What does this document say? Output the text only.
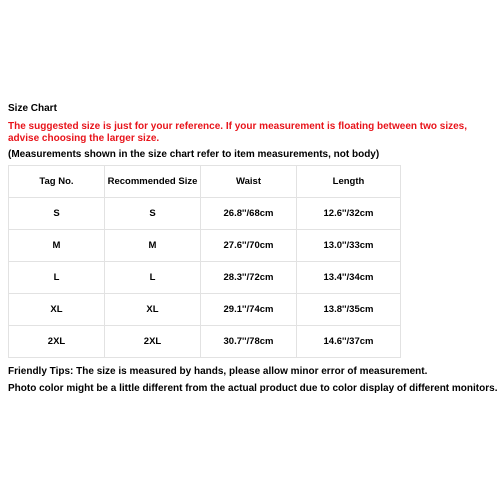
Size Chart
The suggested size is just for your reference. If your measurement is floating between two sizes, advise choosing the larger size.
(Measurements shown in the size chart refer to item measurements, not body)
Tag No.	Recommended Size	Waist	Length
S	S	26.8''/68cm	12.6''/32cm
M	M	27.6''/70cm	13.0''/33cm
L	L	28.3''/72cm	13.4''/34cm
XL	XL	29.1''/74cm	13.8''/35cm
2XL	2XL	30.7''/78cm	14.6''/37cm
Friendly Tips: The size is measured by hands, please allow minor error of measurement.
Photo color might be a little different from the actual product due to color display of different monitors.
